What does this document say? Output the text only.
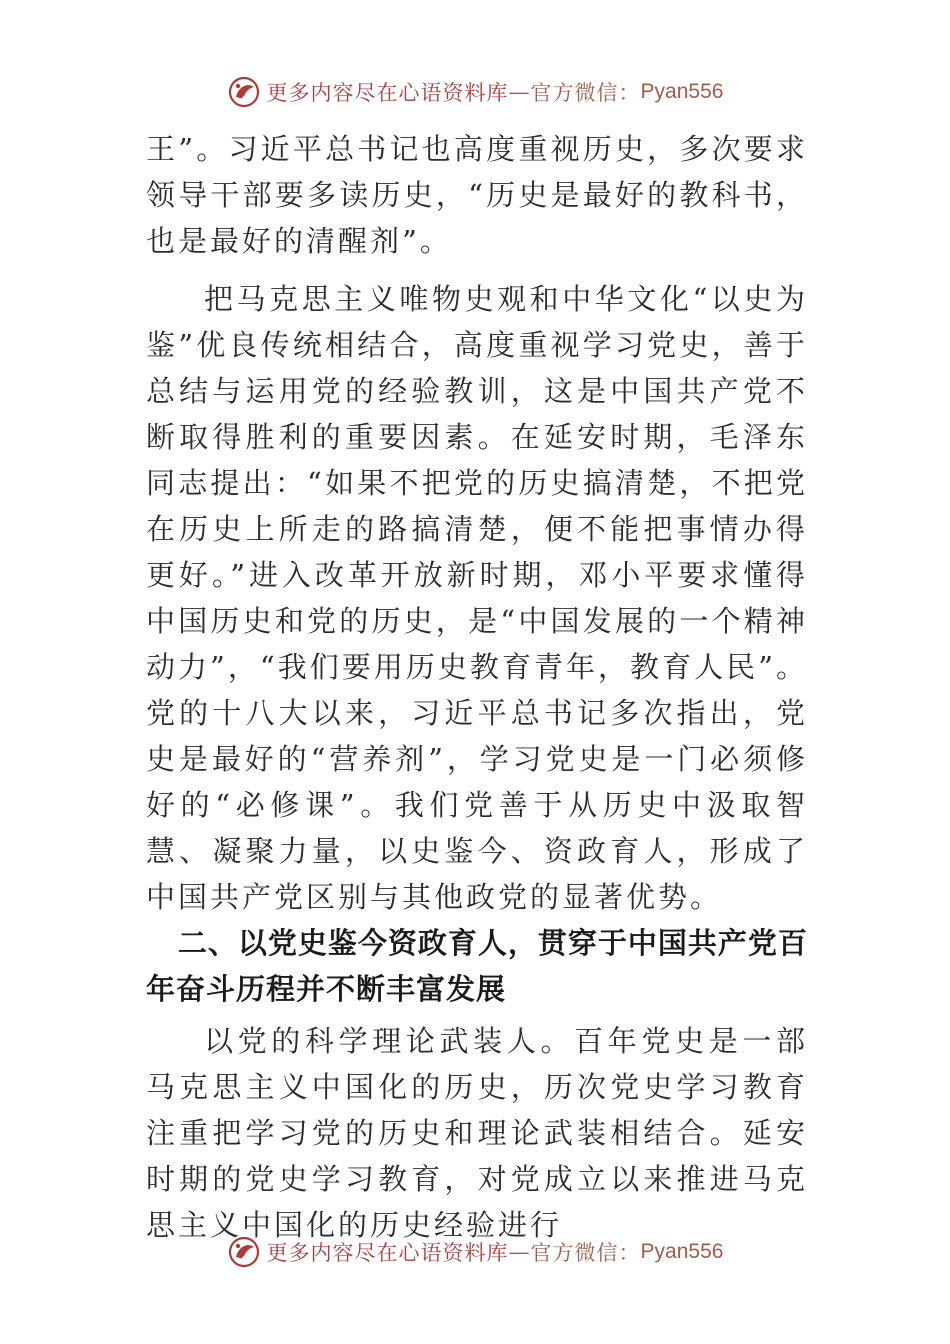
更多内容尽在心语资料库 — 官方微信： Pyan556

王”。习近平总书记也高度重视历史，多次要求领导干部要多读历史，“历史是最好的教科书，也是最好的清醒剂”。

把马克思主义唯物史观和中华文化“以史为鉴”优良传统相结合，高度重视学习党史，善于总结与运用党的经验教训，这是中国共产党不断取得胜利的重要因素。在延安时期，毛泽东同志提出：“如果不把党的历史搞清楚，不把党在历史上所走的路搞清楚，便不能把事情办得更好。”进入改革开放新时期，邓小平要求懂得中国历史和党的历史，是“中国发展的一个精神动力”，“我们要用历史教育青年，教育人民”。党的十八大以来，习近平总书记多次指出，党史是最好的“营养剂”，学习党史是一门必须修好的“必修课”。我们党善于从历史中汲取智慧、凝聚力量，以史鉴今、资政育人，形成了中国共产党区别与其他政党的显著优势。

二、以党史鉴今资政育人，贯穿于中国共产党百年奋斗历程并不断丰富发展

以党的科学理论武装人。百年党史是一部马克思主义中国化的历史，历次党史学习教育注重把学习党的历史和理论武装相结合。延安时期的党史学习教育，对党成立以来推进马克思主义中国化的历史经验进行

更多内容尽在心语资料库 — 官方微信： Pyan556
